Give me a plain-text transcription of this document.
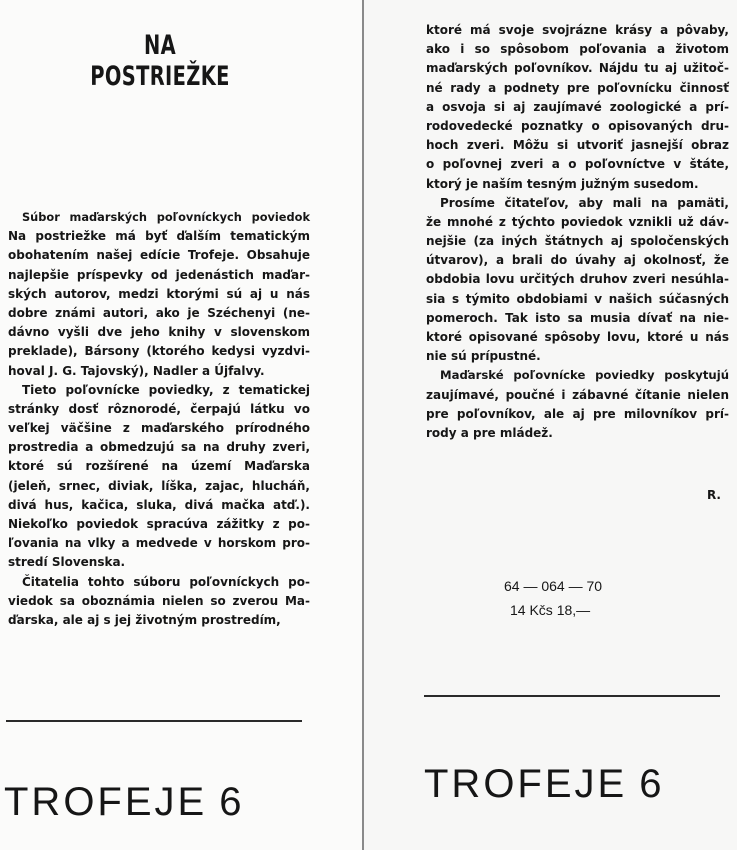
NA POSTRIEŽKE
Súbor maďarských poľovníckych poviedok
Na postriežke má byť ďalším tematickým
obohatením našej edície Trofeje. Obsahuje
najlepšie príspevky od jedenástich maďar-
ských autorov, medzi ktorými sú aj u nás
dobre známi autori, ako je Széchenyi (ne-
dávno vyšli dve jeho knihy v slovenskom
preklade), Bársony (ktorého kedysi vyzdvi-
hoval J. G. Tajovský), Nadler a Újfalvy.
Tieto poľovnícke poviedky, z tematickej
stránky dosť rôznorodé, čerpajú látku vo
veľkej väčšine z maďarského prírodného
prostredia a obmedzujú sa na druhy zveri,
ktoré sú rozšírené na území Maďarska
(jeleň, srnec, diviak, líška, zajac, hlucháň,
divá hus, kačica, sluka, divá mačka atď.).
Niekoľko poviedok spracúva zážitky z po-
ľovania na vlky a medvede v horskom pro-
stredí Slovenska.
Čitatelia tohto súboru poľovníckych po-
viedok sa oboznámia nielen so zverou Ma-
ďarska, ale aj s jej životným prostredím,
TROFEJE 6
ktoré má svoje svojrázne krásy a pôvaby,
ako i so spôsobom poľovania a životom
maďarských poľovníkov. Nájdu tu aj užitoč-
né rady a podnety pre poľovnícku činnosť
a osvoja si aj zaujímavé zoologické a prí-
rodovedecké poznatky o opisovaných dru-
hoch zveri. Môžu si utvoriť jasnejší obraz
o poľovnej zveri a o poľovníctve v štáte,
ktorý je naším tesným južným susedom.
Prosíme čitateľov, aby mali na pamäti,
že mnohé z týchto poviedok vznikli už dáv-
nejšie (za iných štátnych aj spoločenských
útvarov), a brali do úvahy aj okolnosť, že
obdobia lovu určitých druhov zveri nesúhla-
sia s týmito obdobiami v našich súčasných
pomeroch. Tak isto sa musia dívať na nie-
ktoré opisované spôsoby lovu, ktoré u nás
nie sú prípustné.
Maďarské poľovnícke poviedky poskytujú
zaujímavé, poučné i zábavné čítanie nielen
pre poľovníkov, ale aj pre milovníkov prí-
rody a pre mládež.
R.
64 — 064 — 70
14 Kčs 18,—
TROFEJE 6
